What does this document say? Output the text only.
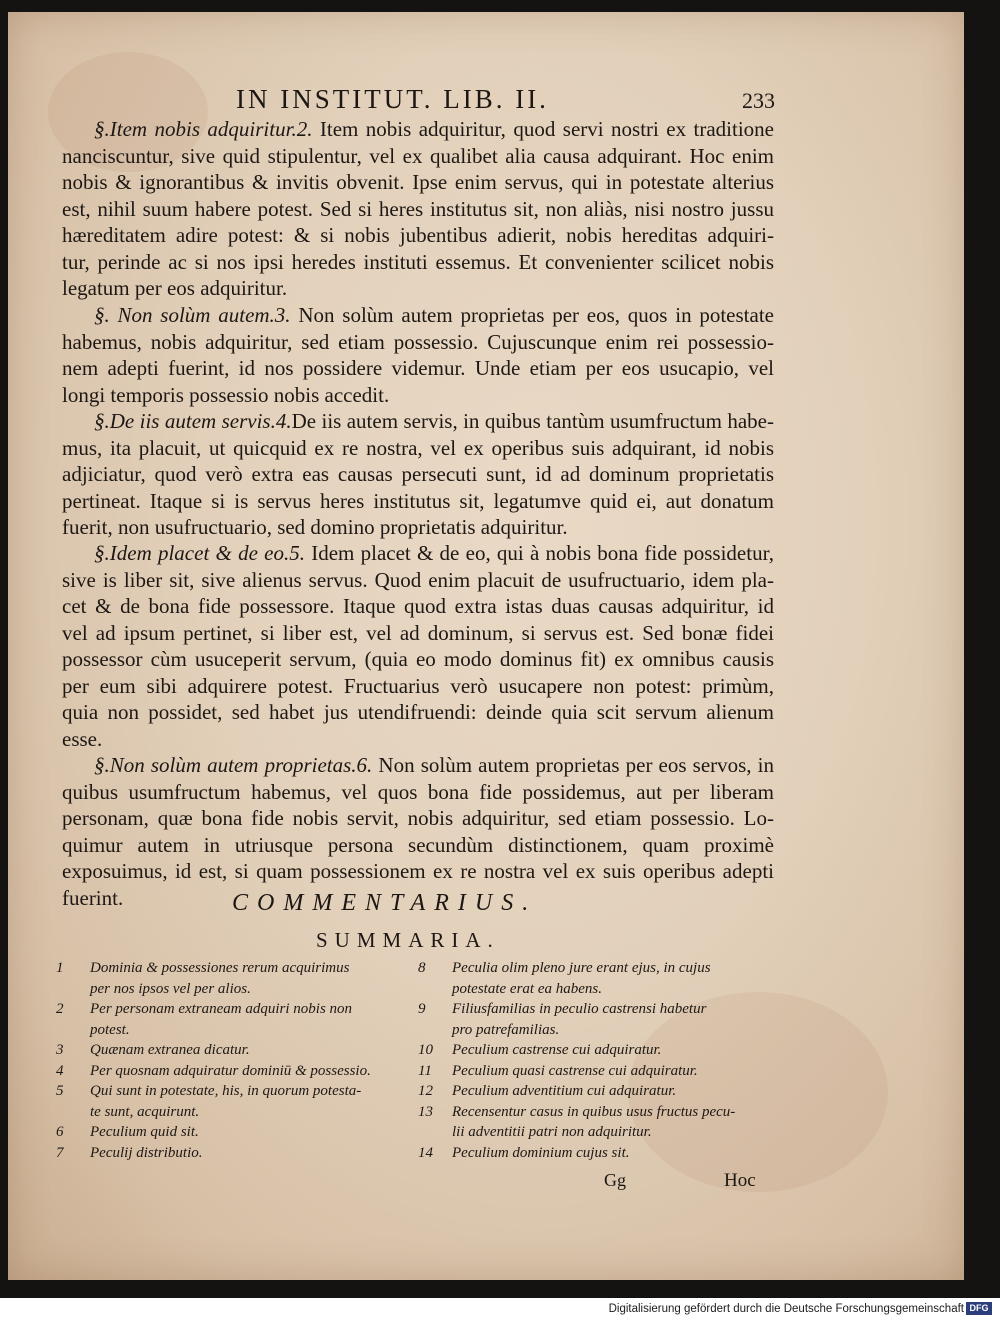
IN INSTITUT. LIB. II.	233
§.Item nobis adquiritur.2. Item nobis adquiritur, quod servi nostri ex traditione
nanciscuntur, sive quid stipulentur, vel ex qualibet alia causa adquirant. Hoc enim
nobis & ignorantibus & invitis obvenit. Ipse enim servus, qui in potestate alterius
est, nihil suum habere potest. Sed si heres institutus sit, non aliàs, nisi nostro jussu
hæreditatem adire potest: & si nobis jubentibus adierit, nobis hereditas adquiri-
tur, perinde ac si nos ipsi heredes instituti essemus. Et convenienter scilicet nobis
legatum per eos adquiritur.
§. Non solùm autem.3. Non solùm autem proprietas per eos, quos in potestate
habemus, nobis adquiritur, sed etiam possessio. Cujuscunque enim rei possessio-
nem adepti fuerint, id nos possidere videmur. Unde etiam per eos usucapio, vel
longi temporis possessio nobis accedit.
§.De iis autem servis.4.De iis autem servis, in quibus tantùm usumfructum habe-
mus, ita placuit, ut quicquid ex re nostra, vel ex operibus suis adquirant, id nobis
adjiciatur, quod verò extra eas causas persecuti sunt, id ad dominum proprietatis
pertineat. Itaque si is servus heres institutus sit, legatumve quid ei, aut donatum
fuerit, non usufructuario, sed domino proprietatis adquiritur.
§.Idem placet & de eo.5. Idem placet & de eo, qui à nobis bona fide possidetur,
sive is liber sit, sive alienus servus. Quod enim placuit de usufructuario, idem pla-
cet & de bona fide possessore. Itaque quod extra istas duas causas adquiritur, id
vel ad ipsum pertinet, si liber est, vel ad dominum, si servus est. Sed bonæ fidei
possessor cùm usuceperit servum, (quia eo modo dominus fit) ex omnibus causis
per eum sibi adquirere potest. Fructuarius verò usucapere non potest: primùm,
quia non possidet, sed habet jus utendifruendi: deinde quia scit servum alienum
esse.
§.Non solùm autem proprietas.6. Non solùm autem proprietas per eos servos, in
quibus usumfructum habemus, vel quos bona fide possidemus, aut per liberam
personam, quæ bona fide nobis servit, nobis adquiritur, sed etiam possessio. Lo-
quimur autem in utriusque persona secundùm distinctionem, quam proximè
exposuimus, id est, si quam possessionem ex re nostra vel ex suis operibus adepti
fuerint.	COMMENTARIUS.
SUMMARIA.
1	Dominia & possessiones rerum acquirimus
per nos ipsos vel per alios.
2	Per personam extraneam adquiri nobis non
potest.
3	Quænam extranea dicatur.
4	Per quosnam adquiratur dominiū & possessio.
5	Qui sunt in potestate, his, in quorum potesta-
te sunt, acquirunt.
6	Peculium quid sit.
7	Peculij distributio.
8	Peculia olim pleno jure erant ejus, in cujus
potestate erat ea habens.
9	Filiusfamilias in peculio castrensi habetur
pro patrefamilias.
10	Peculium castrense cui adquiratur.
11	Peculium quasi castrense cui adquiratur.
12	Peculium adventitium cui adquiratur.
13	Recensentur casus in quibus usus fructus pecu-
lii adventitii patri non adquiritur.
14	Peculium dominium cujus sit.
Gg	Hoc
Digitalisierung gefördert durch die Deutsche Forschungsgemeinschaft DFG
